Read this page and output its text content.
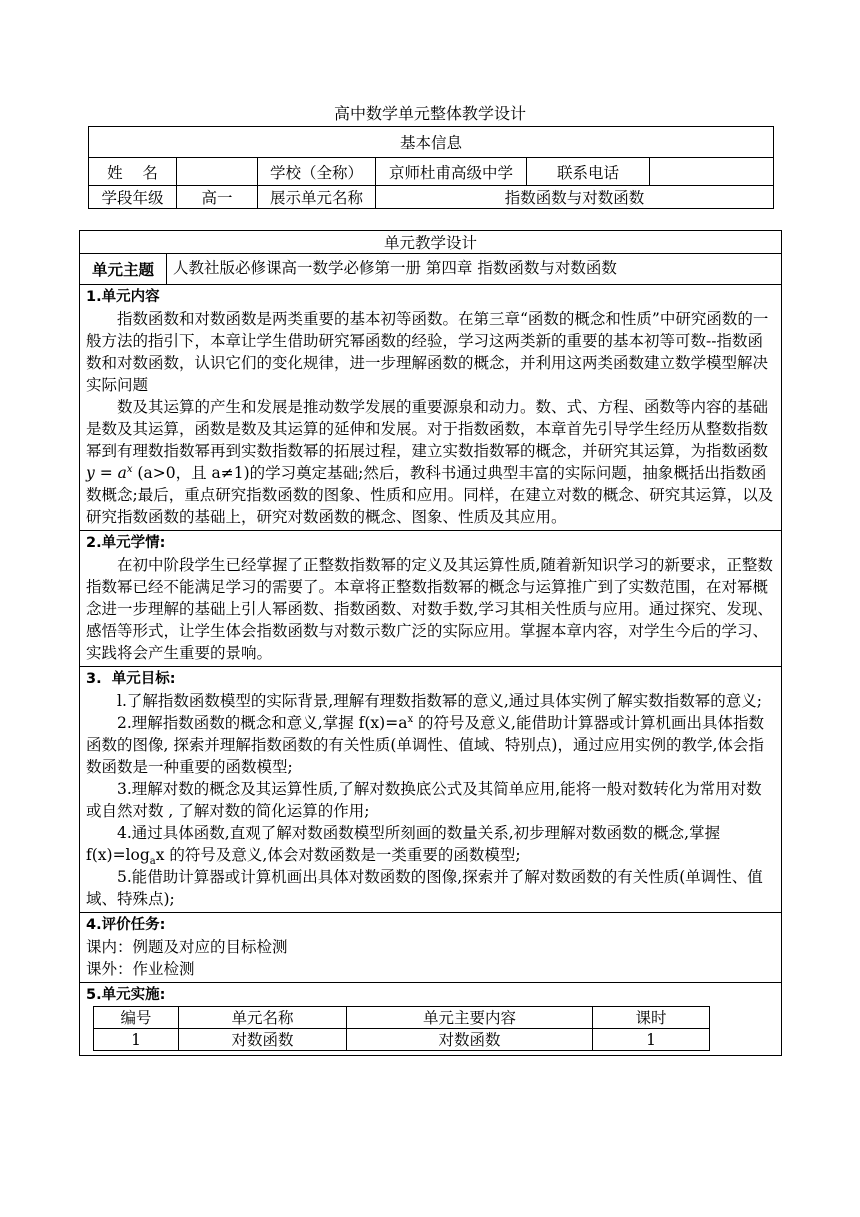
高中数学单元整体教学设计
基本信息					
姓    名		学校（全称）	京师杜甫高级中学	联系电话	
学段年级	高一	展示单元名称	指数函数与对数函数		
单元教学设计
单元主题	人教社版必修课高一数学必修第一册 第四章 指数函数与对数函数

1.单元内容

指数函数和对数函数是两类重要的基本初等函数。在第三章“函数的概念和性质”中研究函数的一般方法的指引下，本章让学生借助研究幂函数的经验，学习这两类新的重要的基本初等可数--指数函数和对数函数，认识它们的变化规律，进一步理解函数的概念，并利用这两类函数建立数学模型解决实际问题

数及其运算的产生和发展是推动数学发展的重要源泉和动力。数、式、方程、函数等内容的基础是数及其运算，函数是数及其运算的延伸和发展。对于指数函数，本章首先引导学生经历从整数指数幂到有理数指数幂再到实数指数幂的拓展过程，建立实数指数幂的概念，并研究其运算，为指数函数$y = a^x$ (a>0，且 a≠1)的学习奠定基础;然后，教科书通过典型丰富的实际问题，抽象概括出指数函数概念;最后，重点研究指数函数的图象、性质和应用。同样，在建立对数的概念、研究其运算，以及研究指数函数的基础上，研究对数函数的概念、图象、性质及其应用。

2.单元学情:

在初中阶段学生已经掌握了正整数指数幂的定义及其运算性质,随着新知识学习的新要求，正整数指数幂已经不能满足学习的需要了。本章将正整数指数幂的概念与运算推广到了实数范围，在对幂概念进一步理解的基础上引人幂函数、指数函数、对数手数,学习其相关性质与应用。通过探究、发现、感悟等形式，让学生体会指数函数与对数示数广泛的实际应用。掌握本章内容，对学生今后的学习、实践将会产生重要的景响。

3.  单元目标:

l.了解指数函数模型的实际背景,理解有理数指数幂的意义,通过具体实例了解实数指数幂的意义;

2.理解指数函数的概念和意义,掌握 $f(x)=a^x$ 的符号及意义,能借助计算器或计算机画出具体指数函数的图像, 探索并理解指数函数的有关性质(单调性、值域、特别点)，通过应用实例的教学,体会指数函数是一种重要的函数模型;

3.理解对数的概念及其运算性质,了解对数换底公式及其简单应用,能将一般对数转化为常用对数或自然对数 , 了解对数的简化运算的作用;

4.通过具体函数,直观了解对数函数模型所刻画的数量关系,初步理解对数函数的概念,掌握 $f(x)=\log_ax$ 的符号及意义,体会对数函数是一类重要的函数模型;

5.能借助计算器或计算机画出具体对数函数的图像,探索并了解对数函数的有关性质(单调性、值域、特殊点);

4.评价任务:

课内：例题及对应的目标检测

课外：作业检测

5.单元实施:
编号	单元名称	单元主要内容	课时
1	对数函数	对数函数	1
